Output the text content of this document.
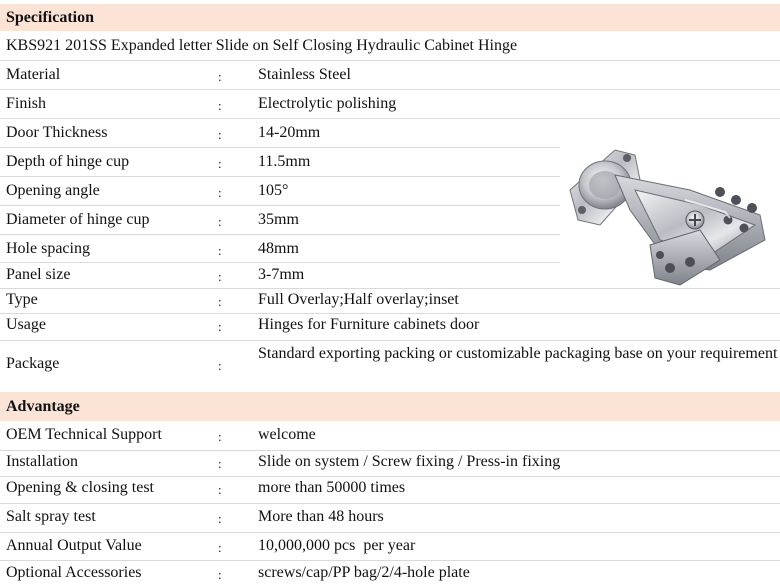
Specification
KBS921 201SS Expanded letter Slide on Self Closing Hydraulic Cabinet Hinge
Material	: Stainless Steel
Finish	: Electrolytic polishing
Door Thickness	: 14-20mm
Depth of hinge cup	: 11.5mm
Opening angle	: 105°
Diameter of hinge cup	: 35mm
Hole spacing	: 48mm
Panel size	: 3-7mm
Type	: Full Overlay;Half overlay;inset
Usage	: Hinges for Furniture cabinets door
Package	:
Standard exporting packing or customizable packaging base on your requirement
Advantage
OEM Technical Support	: welcome
Installation	: Slide on system / Screw fixing / Press-in fixing
Opening & closing test	: more than 50000 times
Salt spray test	: More than 48 hours
Annual Output Value	: 10,000,000 pcs  per year
Optional Accessories	: screws/cap/PP bag/2/4-hole plate
